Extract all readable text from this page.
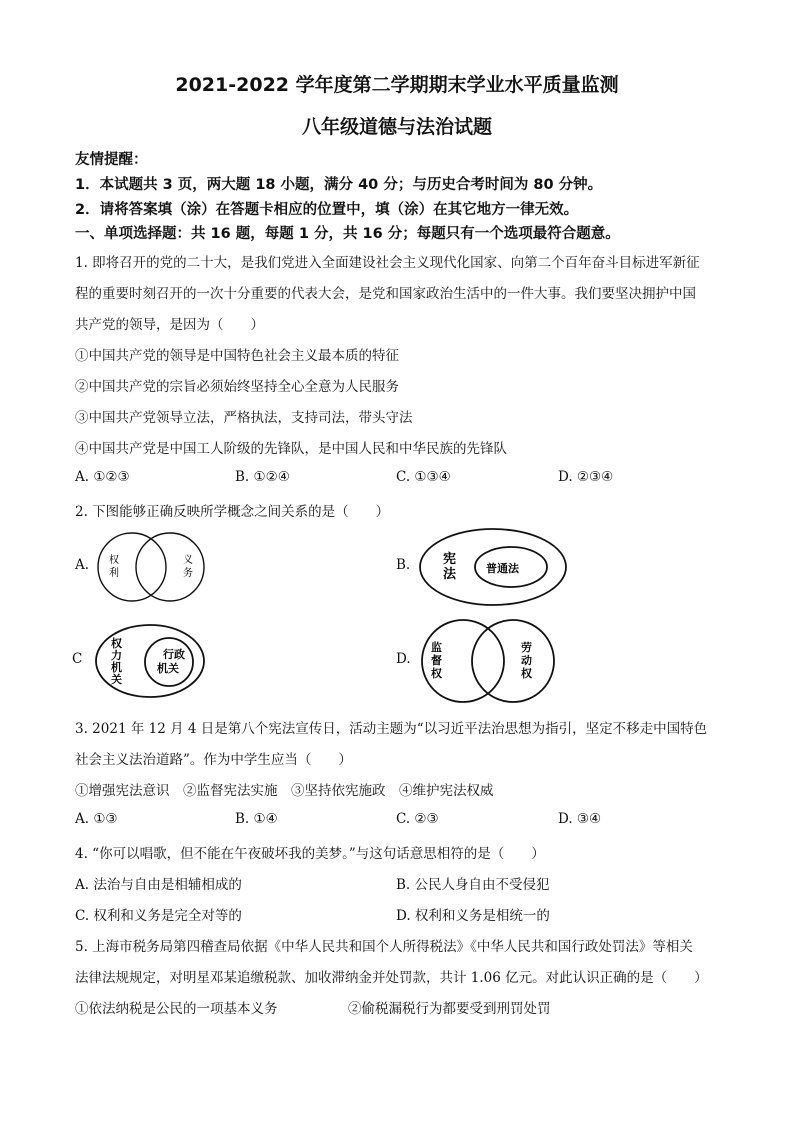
2021-2022 学年度第二学期期末学业水平质量监测
八年级道德与法治试题
友情提醒：
1．本试题共 3 页，两大题 18 小题，满分 40 分；与历史合考时间为 80 分钟。
2．请将答案填（涂）在答题卡相应的位置中，填（涂）在其它地方一律无效。
一、单项选择题：共 16 题，每题 1 分，共 16 分；每题只有一个选项最符合题意。
1. 即将召开的党的二十大，是我们党进入全面建设社会主义现代化国家、向第二个百年奋斗目标进军新征
程的重要时刻召开的一次十分重要的代表大会，是党和国家政治生活中的一件大事。我们要坚决拥护中国
共产党的领导，是因为（　　）
①中国共产党的领导是中国特色社会主义最本质的特征
②中国共产党的宗旨必须始终坚持全心全意为人民服务
③中国共产党领导立法，严格执法，支持司法，带头守法
④中国共产党是中国工人阶级的先锋队，是中国人民和中华民族的先锋队
A. ①②③	B. ①②④	C. ①③④	D. ②③④
2. 下图能够正确反映所学概念之间关系的是（　　）
A.	B.
C	D.
权
利
义
务
宪
法	普通法
权
力
机
关
行 政
机关
监
督
权
劳
动
权
3. 2021 年 12 月 4 日是第八个宪法宣传日，活动主题为“以习近平法治思想为指引，坚定不移走中国特色
社会主义法治道路”。作为中学生应当（　　）
①增强宪法意识　②监督宪法实施　③坚持依宪施政　④维护宪法权威
A. ①③	B. ①④	C. ②③	D. ③④
4. “你可以唱歌，但不能在午夜破坏我的美梦。”与这句话意思相符的是（　　）
A. 法治与自由是相辅相成的	B. 公民人身自由不受侵犯
C. 权利和义务是完全对等的	D. 权利和义务是相统一的
5. 上海市税务局第四稽查局依据《中华人民共和国个人所得税法》《中华人民共和国行政处罚法》等相关
法律法规规定，对明星邓某追缴税款、加收滞纳金并处罚款，共计 1.06 亿元。对此认识正确的是（　　）
①依法纳税是公民的一项基本义务	②偷税漏税行为都要受到刑罚处罚
